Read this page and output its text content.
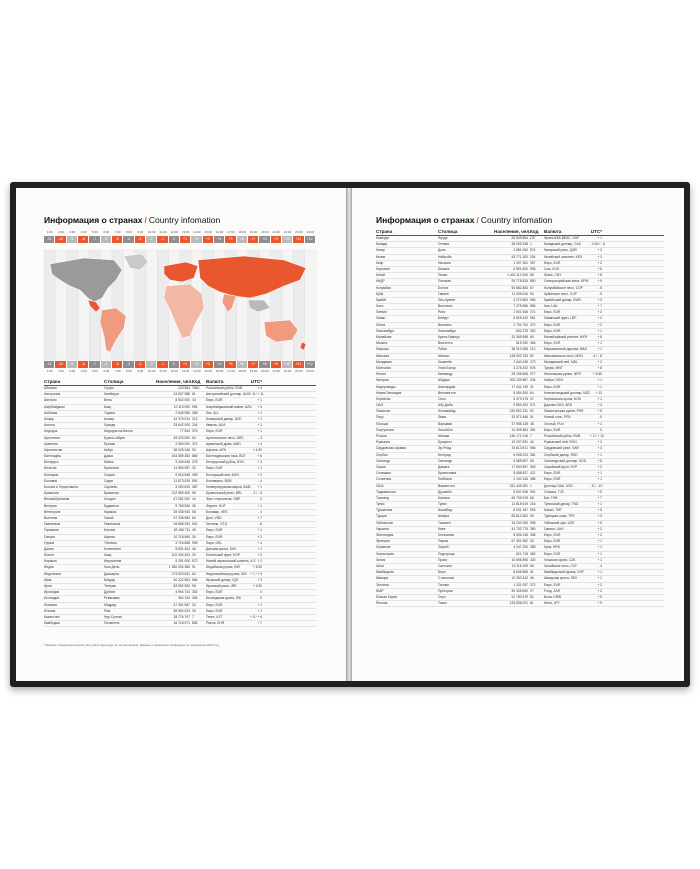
Информация о странах / Country infomation
1:00	2:00	3:00	4:00	5:00	6:00	7:00	8:00	9:00	10:00	11:00	12:00	13:00	14:00	15:00	16:00	17:00	18:00	19:00	20:00	21:00	22:00	23:00	24:00
-11	-10	-9	-8	-7	-6	-5	-4	-3	-2	-1	0	+1	+2	+3	+4	+5	+6	+7	+8	+9	+10	+11	+12
-11	-10	-9	-8	-7	-6	-5	-4	-3	-2	-1	0	+1	+2	+3	+4	+5	+6	+7	+8	+9	+10	+11	+12
1:00	2:00	3:00	4:00	5:00	6:00	7:00	8:00	9:00	10:00	11:00	12:00	13:00	14:00	15:00	16:00	17:00	18:00	19:00	20:00	21:00	22:00	23:00	24:00
Страна	Столица	Население, чел. Код	Валюта	UTC*
Абхазия	Сухум	243 564 7840	Российский рубль, RUB	+ 4
Австралия	Канберра	24 607 988 61	Австралийский доллар, AUD + 8 / + 11
Австрия	Вена	8 902 000 43	Евро, EUR	+ 1
Азербайджан	Баку	10 119 000 994	Азербайджанский манат, AZN	+ 4
Албания	Тирана	2 845 955 355	Лек, ALL	+ 1
Алжир	Алжир	44 375 014 213	Алжирский динар, DZD	+ 1
Ангола	Луанда	33 642 000 244	Кванза, AOA	+ 1
Андорра	Андорра-ла-Велья	77 543 376	Евро, EUR	+ 1
Аргентина	Буэнос-Айрес	45 376 000 54	Аргентинское песо, ARS	- 3
Армения	Ереван	2 963 000 374	Армянский драм, AMD	+ 4
Афганистан	Кабул	38 928 346 93	Афгани, AFN	+ 4:30
Бангладеш	Дакка	164 689 383 880	Бангладешская така, BDT	+ 6
Беларусь	Минск	9 349 645 375	Белорусский рубль, BYN	+ 3
Бельгия	Брюссель	11 555 997 32	Евро, EUR	+ 1
Болгария	София	6 916 548 359	Болгарский лев, BGN	+ 2
Боливия	Сукре	11 673 029 591	Боливиано, BOB	- 4
Босния и Герцеговина	Сараево	3 280 815 387	Конвертируемая марка, BAM	+ 1
Бразилия	Бразилиа	212 559 409 55	Бразильский реал, BRL	- 2 / - 5
Великобритания	Лондон	67 081 000 44	Фунт стерлингов, GBP	0
Венгрия	Будапешт	9 769 526 36	Форинт, HUF	+ 1
Венесуэла	Каракас	28 435 943 58	Боливар, VES	- 4
Вьетнам	Ханой	97 338 583 84	Донг, VND	+ 7
Гватемала	Гватемала	16 858 333 502	Кетсаль, GTQ	- 6
Германия	Берлин	83 166 711 49	Евро, EUR	+ 1
Греция	Афины	10 718 565 30	Евро, EUR	+ 2
Грузия	Тбилиси	3 716 858 995	Лари, GEL	+ 4
Дания	Копенгаген	5 831 404 45	Датская крона, DKK	+ 1
Египет	Каир	102 334 403 20	Египетский фунт, EGP	+ 2
Израиль	Иерусалим	9 291 000 972	Новый израильский шекель, ILS + 2
Индия	Нью-Дели	1 380 004 385 91	Индийская рупия, INR	+ 5:30
Индонезия	Джакарта	273 523 621 62	Индонезийская рупия, IDR + 7 / + 9
Ирак	Багдад	40 222 503 964	Иракский динар, IQD	+ 3
Иран	Тегеран	83 992 953 98	Иранский риал, IRR	+ 3:30
Ирландия	Дублин	4 994 724 353	Евро, EUR	0
Исландия	Рейкьявик	364 134 354	Исландская крона, ISK	0
Испания	Мадрид	47 351 567 34	Евро, EUR	+ 1
Италия	Рим	59 554 023 39	Евро, EUR	+ 1
Казахстан	Нур-Султан	18 776 707 7	Тенге, KZT	+ 5 / + 6
Камбоджа	Пномпень	16 718 971 855	Риель, KHR	+ 7
*Указано стандартное время (без учёта перехода на летнее время). Данные о населении приведены по оценкам на 2020 год.
Информация о странах / Country infomation
Страна	Столица	Население, чел. Код	Валюта	UTC*
Камерун	Яунде	26 545 864 237	Франк КФА BEAC, XAF	+ 1
Канада	Оттава	38 005 238 1	Канадский доллар, CAD	- 3:30 / - 8
Катар	Доха	2 881 060 974	Катарский риал, QAR	+ 3
Кения	Найроби	53 771 300 254	Кенийский шиллинг, KES	+ 3
Кипр	Никосия	1 207 361 357	Евро, EUR	+ 2
Киргизия	Бишкек	6 591 600 996	Сом, KGS	+ 6
Китай	Пекин	1 402 112 000 86	Юань, CNY	+ 8
КНДР	Пхеньян	25 778 815 850	Северокорейская вона, KPW	+ 9
Колумбия	Богота	50 882 884 57	Колумбийское песо, COP	- 5
Куба	Гавана	11 326 616 53	Кубинское песо, CUP	- 5
Кувейт	Эль-Кувейт	4 270 563 965	Кувейтский динар, KWD	+ 3
Лаос	Вьентьян	7 275 556 856	Кип, LAK	+ 7
Латвия	Рига	1 901 548 371	Евро, EUR	+ 2
Ливан	Бейрут	6 825 442 961	Ливанский фунт, LBP	+ 2
Литва	Вильнюс	2 794 700 370	Евро, EUR	+ 2
Люксембург	Люксембург	632 275 352	Евро, EUR	+ 1
Малайзия	Куала-Лумпур	32 365 998 60	Малайзийский ринггит, MYR	+ 8
Мальта	Валлетта	515 332 356	Евро, EUR	+ 1
Марокко	Рабат	36 910 558 212	Марокканский дирхам, MAD	+ 1
Мексика	Мехико	128 932 753 52	Мексиканское песо, MXN	- 6 / - 8
Молдавия	Кишинёв	2 640 438 373	Молдавский лей, MDL	+ 2
Монголия	Улан-Батор	3 278 292 976	Тугрик, MNT	+ 8
Непал	Катманду	29 136 808 977	Непальская рупия, NPR	+ 5:45
Нигерия	Абуджа	206 139 587 234	Найра, NGN	+ 1
Нидерланды	Амстердам	17 441 139 31	Евро, EUR	+ 1
Новая Зеландия	Веллингтон	5 084 300 64	Новозеландский доллар, NZD	+ 12
Норвегия	Осло	5 379 475 47	Норвежская крона, NOK	+ 1
ОАЭ	Абу-Даби	9 890 400 971	Дирхам ОАЭ, AED	+ 4
Пакистан	Исламабад	220 892 331 92	Пакистанская рупия, PKR	+ 5
Перу	Лима	32 971 846 51	Новый соль, PEN	- 5
Польша	Варшава	37 958 138 48	Злотый, PLN	+ 1
Португалия	Лиссабон	10 305 564 351	Евро, EUR	0
Россия	Москва	146 171 015 7	Российский рубль, RUB	+ 2 / + 12
Румыния	Бухарест	19 237 691 40	Румынский лей, RON	+ 2
Саудовская Аравия	Эр-Рияд	34 813 871 966	Саудовский риял, SAR	+ 3
Сербия	Белград	6 908 224 381	Сербский динар, RSD	+ 1
Сингапур	Сингапур	5 685 807 65	Сингапурский доллар, SGD	+ 8
Сирия	Дамаск	17 500 657 963	Сирийский фунт, SYP	+ 2
Словакия	Братислава	5 458 827 421	Евро, EUR	+ 1
Словения	Любляна	2 100 126 386	Евро, EUR	+ 1
США	Вашингтон	331 449 281 1	Доллар США, USD	- 5 / - 10
Таджикистан	Душанбе	9 537 645 992	Сомони, TJS	+ 5
Таиланд	Бангкок	69 799 978 66	Бат, THB	+ 7
Тунис	Тунис	11 818 619 216	Тунисский динар, TND	+ 1
Туркмения	Ашхабад	6 031 187 993	Манат, TMT	+ 5
Турция	Анкара	83 614 362 90	Турецкая лира, TRY	+ 3
Узбекистан	Ташкент	34 232 050 998	Узбекский сум, UZS	+ 5
Украина	Киев	41 732 779 380	Гривна, UAH	+ 2
Финляндия	Хельсинки	5 536 146 358	Евро, EUR	+ 2
Франция	Париж	67 391 582 33	Евро, EUR	+ 1
Хорватия	Загреб	4 047 200 385	Куна, HRK	+ 1
Черногория	Подгорица	621 718 382	Евро, EUR	+ 1
Чехия	Прага	10 698 896 420	Чешская крона, CZK	+ 1
Чили	Сантьяго	19 116 209 56	Чилийское песо, CLP	- 4
Швейцария	Берн	8 636 896 41	Швейцарский франк, CHF	+ 1
Швеция	Стокгольм	10 353 442 46	Шведская крона, SEK	+ 1
Эстония	Таллин	1 331 057 372	Евро, EUR	+ 2
ЮАР	Претория	59 308 690 27	Рэнд, ZAR	+ 2
Южная Корея	Сеул	51 780 579 82	Вона, KRW	+ 9
Япония	Токио	125 836 021 81	Иена, JPY	+ 9
